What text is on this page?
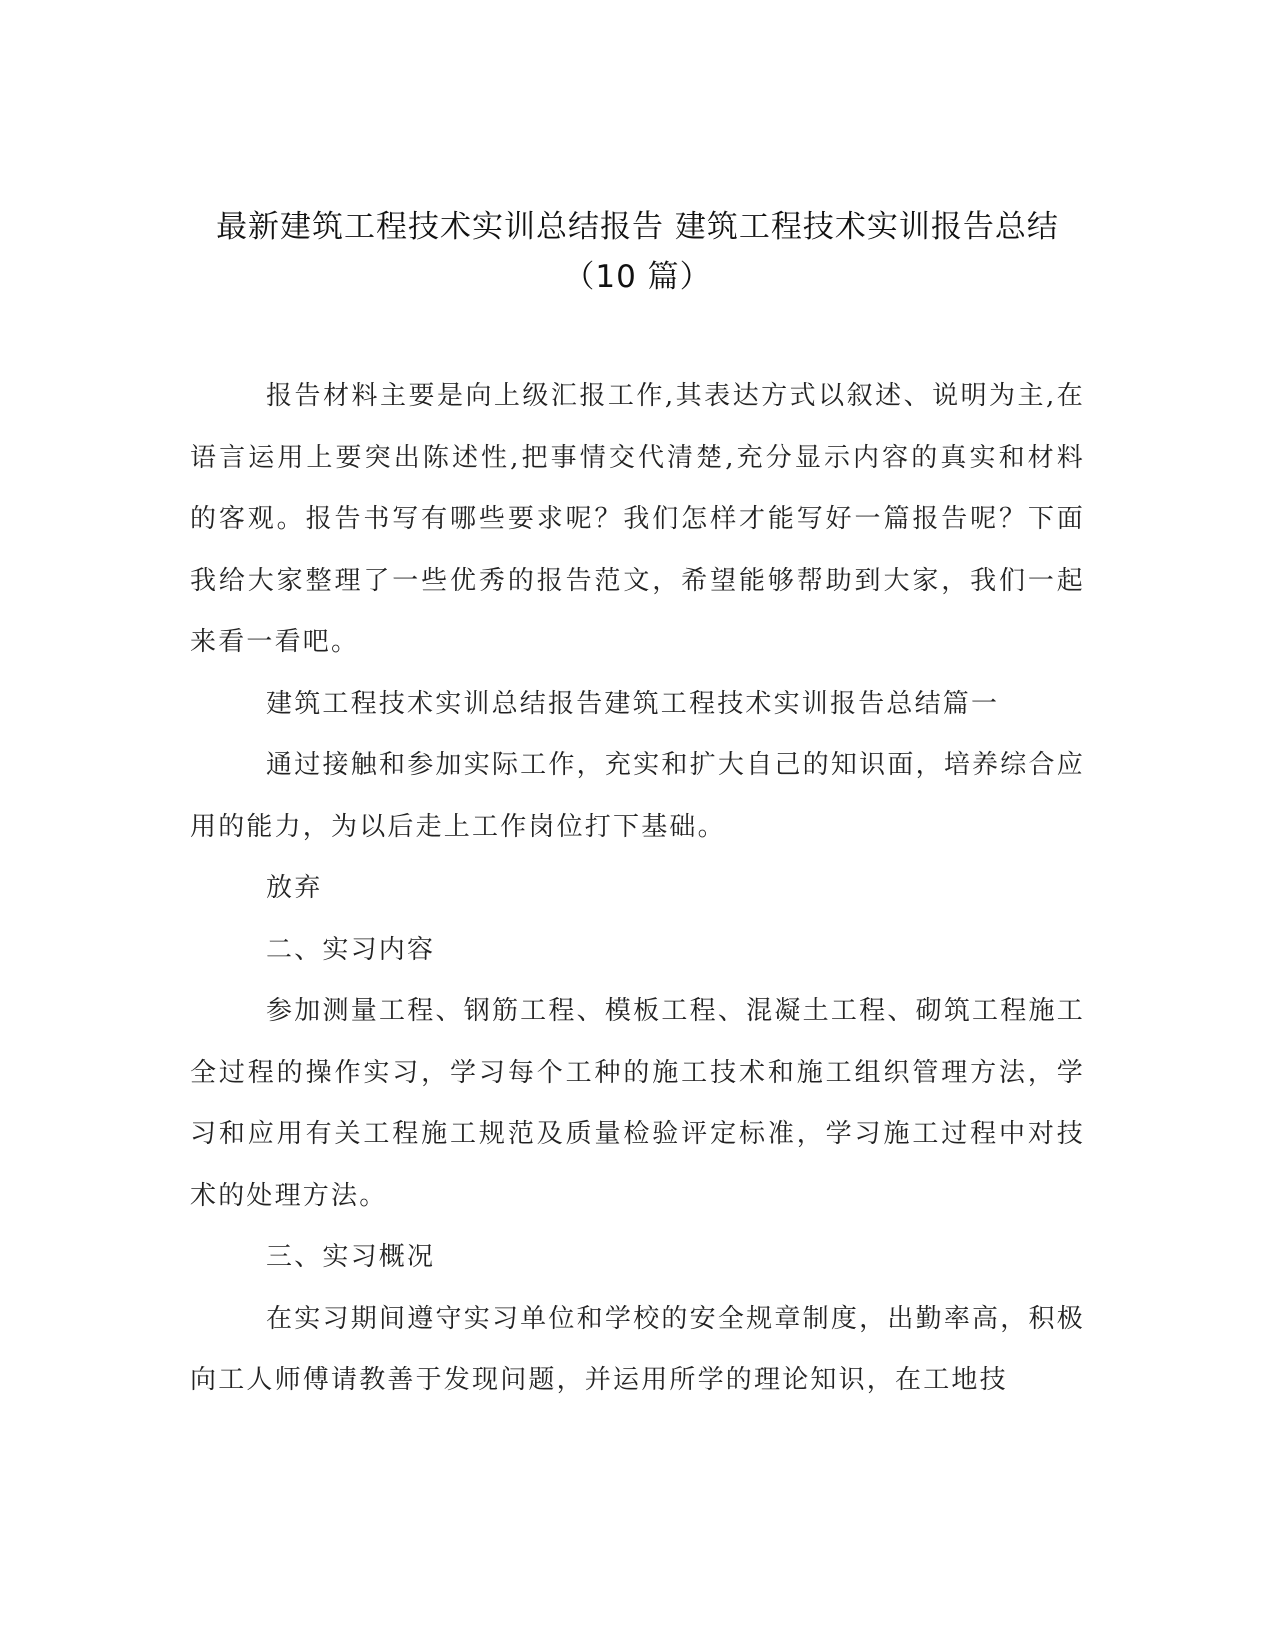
最新建筑工程技术实训总结报告 建筑工程技术实训报告总结
（10 篇）

报告材料主要是向上级汇报工作,其表达方式以叙述、说明为主,在语言运用上要突出陈述性,把事情交代清楚,充分显示内容的真实和材料的客观。报告书写有哪些要求呢？我们怎样才能写好一篇报告呢？下面我给大家整理了一些优秀的报告范文，希望能够帮助到大家，我们一起来看一看吧。

建筑工程技术实训总结报告建筑工程技术实训报告总结篇一

通过接触和参加实际工作，充实和扩大自己的知识面，培养综合应用的能力，为以后走上工作岗位打下基础。

放弃

二、实习内容

参加测量工程、钢筋工程、模板工程、混凝土工程、砌筑工程施工全过程的操作实习，学习每个工种的施工技术和施工组织管理方法，学习和应用有关工程施工规范及质量检验评定标准，学习施工过程中对技术的处理方法。

三、实习概况

在实习期间遵守实习单位和学校的安全规章制度，出勤率高，积极向工人师傅请教善于发现问题，并运用所学的理论知识，在工地技
